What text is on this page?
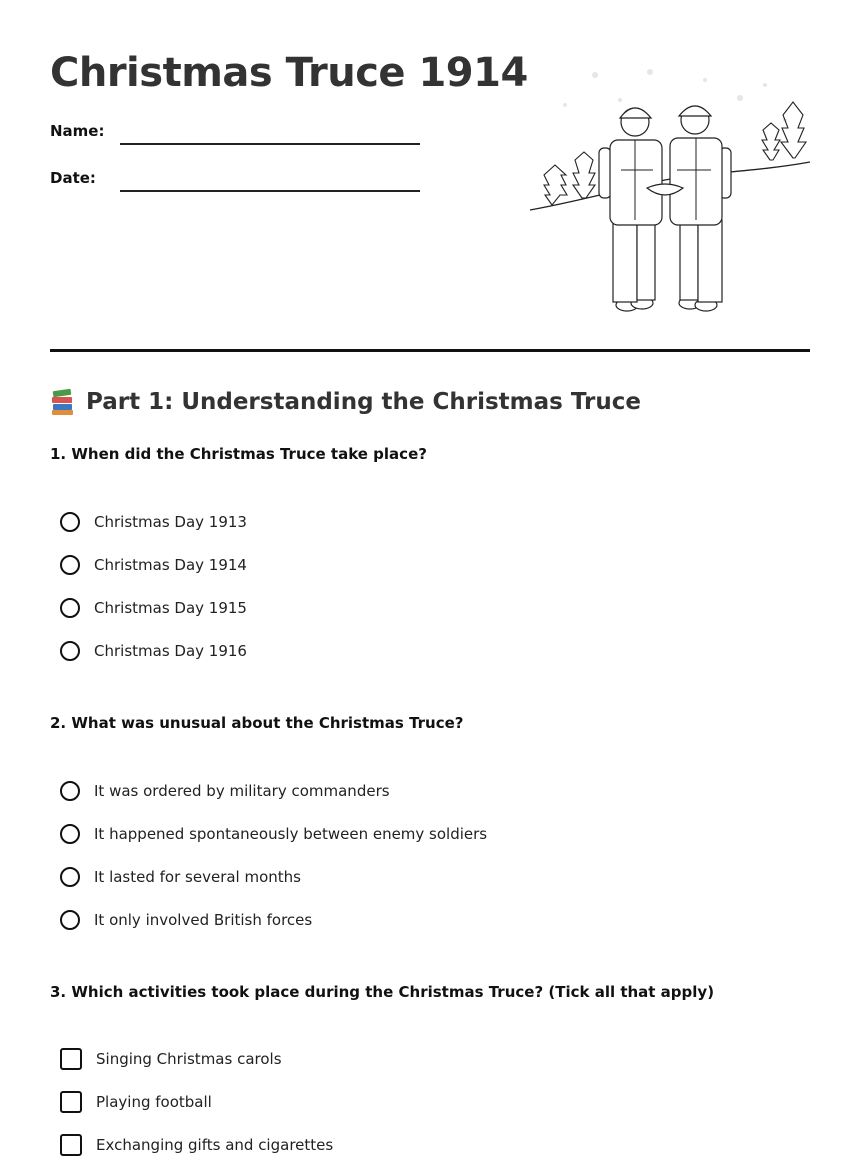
Christmas Truce 1914
Name:
Date:
Part 1: Understanding the Christmas Truce
1. When did the Christmas Truce take place?
Christmas Day 1913
Christmas Day 1914
Christmas Day 1915
Christmas Day 1916
2. What was unusual about the Christmas Truce?
It was ordered by military commanders
It happened spontaneously between enemy soldiers
It lasted for several months
It only involved British forces
3. Which activities took place during the Christmas Truce? (Tick all that apply)
Singing Christmas carols
Playing football
Exchanging gifts and cigarettes
